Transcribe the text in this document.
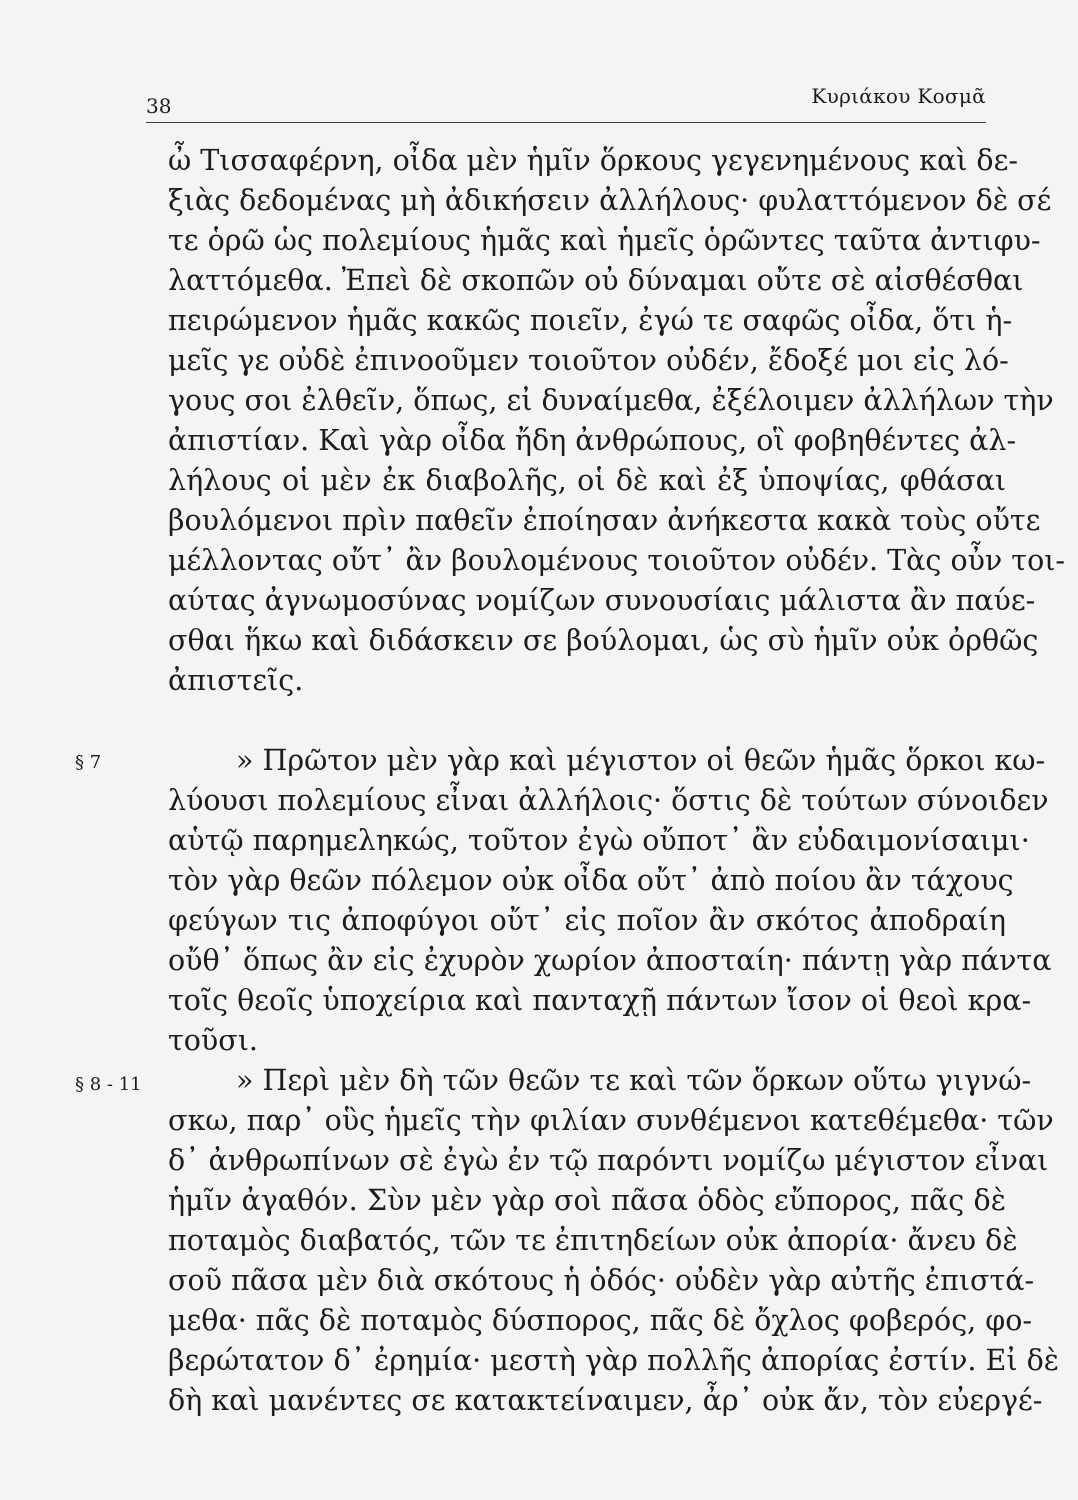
38	Κυριάκου Κοσμᾶ
§ 7
§ 8 - 11
ὦ Τισσαφέρνη, οἶδα μὲν ἡμῖν ὅρκους γεγενημένους καὶ δε-
ξιὰς δεδομένας μὴ ἀδικήσειν ἀλλήλους· φυλαττόμενον δὲ σέ
τε ὁρῶ ὡς πολεμίους ἡμᾶς καὶ ἡμεῖς ὁρῶντες ταῦτα ἀντιφυ-
λαττόμεθα. Ἐπεὶ δὲ σκοπῶν οὐ δύναμαι οὔτε σὲ αἰσθέσθαι
πειρώμενον ἡμᾶς κακῶς ποιεῖν, ἐγώ τε σαφῶς οἶδα, ὅτι ἡ-
μεῖς γε οὐδὲ ἐπινοοῦμεν τοιοῦτον οὐδέν, ἔδοξέ μοι εἰς λό-
γους σοι ἐλθεῖν, ὅπως, εἰ δυναίμεθα, ἐξέλοιμεν ἀλλήλων τὴν
ἀπιστίαν. Καὶ γὰρ οἶδα ἤδη ἀνθρώπους, οἳ φοβηθέντες ἀλ-
λήλους οἱ μὲν ἐκ διαβολῆς, οἱ δὲ καὶ ἐξ ὑποψίας, φθάσαι
βουλόμενοι πρὶν παθεῖν ἐποίησαν ἀνήκεστα κακὰ τοὺς οὔτε
μέλλοντας οὔτ᾽ ἂν βουλομένους τοιοῦτον οὐδέν. Τὰς οὖν τοι-
αύτας ἀγνωμοσύνας νομίζων συνουσίαις μάλιστα ἂν παύε-
σθαι ἥκω καὶ διδάσκειν σε βούλομαι, ὡς σὺ ἡμῖν οὐκ ὀρθῶς
ἀπιστεῖς.
» Πρῶτον μὲν γὰρ καὶ μέγιστον οἱ θεῶν ἡμᾶς ὅρκοι κω-
λύουσι πολεμίους εἶναι ἀλλήλοις· ὅστις δὲ τούτων σύνοιδεν
αὑτῷ παρημεληκώς, τοῦτον ἐγὼ οὔποτ᾽ ἂν εὐδαιμονίσαιμι·
τὸν γὰρ θεῶν πόλεμον οὐκ οἶδα οὔτ᾽ ἀπὸ ποίου ἂν τάχους
φεύγων τις ἀποφύγοι οὔτ᾽ εἰς ποῖον ἂν σκότος ἀποδραίη
οὔθ᾽ ὅπως ἂν εἰς ἐχυρὸν χωρίον ἀποσταίη· πάντῃ γὰρ πάντα
τοῖς θεοῖς ὑποχείρια καὶ πανταχῇ πάντων ἴσον οἱ θεοὶ κρα-
τοῦσι.
» Περὶ μὲν δὴ τῶν θεῶν τε καὶ τῶν ὅρκων οὕτω γιγνώ-
σκω, παρ᾽ οὓς ἡμεῖς τὴν φιλίαν συνθέμενοι κατεθέμεθα· τῶν
δ᾽ ἀνθρωπίνων σὲ ἐγὼ ἐν τῷ παρόντι νομίζω μέγιστον εἶναι
ἡμῖν ἀγαθόν. Σὺν μὲν γὰρ σοὶ πᾶσα ὁδὸς εὔπορος, πᾶς δὲ
ποταμὸς διαβατός, τῶν τε ἐπιτηδείων οὐκ ἀπορία· ἄνευ δὲ
σοῦ πᾶσα μὲν διὰ σκότους ἡ ὁδός· οὐδὲν γὰρ αὐτῆς ἐπιστά-
μεθα· πᾶς δὲ ποταμὸς δύσπορος, πᾶς δὲ ὄχλος φοβερός, φο-
βερώτατον δ᾽ ἐρημία· μεστὴ γὰρ πολλῆς ἀπορίας ἐστίν. Εἰ δὲ
δὴ καὶ μανέντες σε κατακτείναιμεν, ἆρ᾽ οὐκ ἄν, τὸν εὐεργέ-
